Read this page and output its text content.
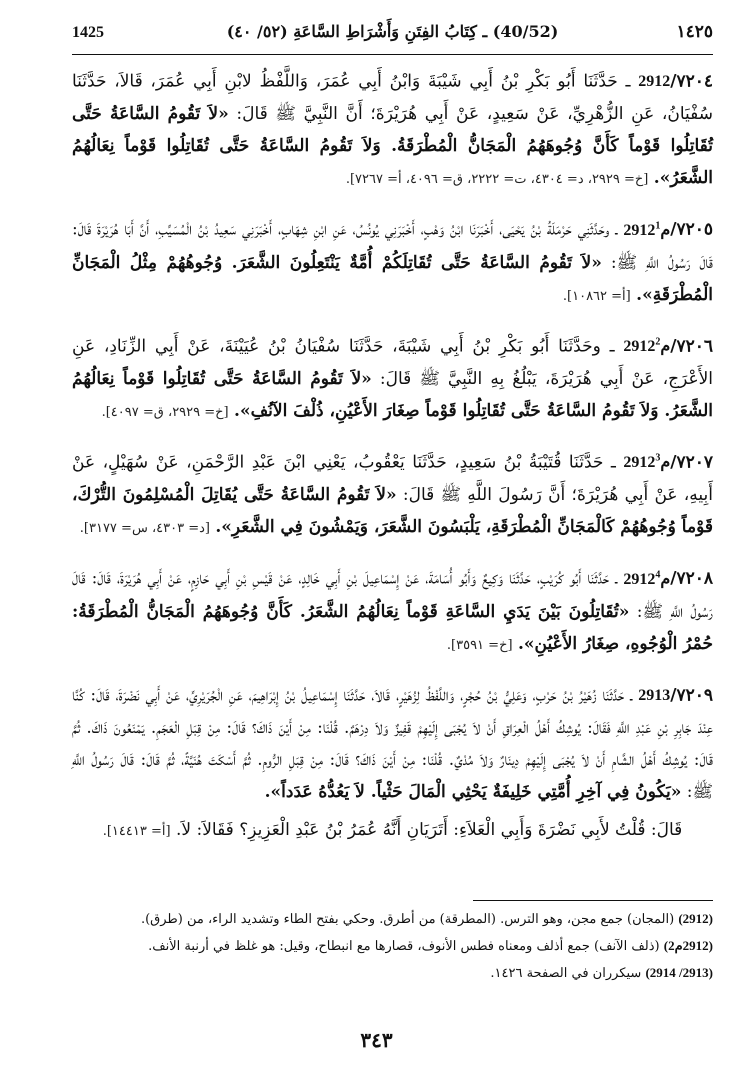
١٤٢٥
(40/52) ـ كِتَابُ الفِتَنِ وَأَشْرَاطِ السَّاعَةِ (٥٢/ ٤٠)
1425

٧٢٠٤/2912 ـ حَدَّثَنَا أَبُو بَكْرِ بْنُ أَبِي شَيْبَةَ وَابْنُ أَبِي عُمَرَ، وَاللَّفْظُ لابْنِ أَبِي عُمَرَ، قَالاَ، حَدَّثَنَا سُفْيَانُ، عَنِ الزُّهْرِيِّ، عَنْ سَعِيدٍ، عَنْ أَبِي هُرَيْرَةَ؛ أَنَّ النَّبِيَّ ﷺ قَالَ: «لاَ تَقُومُ السَّاعَةُ حَتَّى تُقَاتِلُوا قَوْماً كَأَنَّ وُجُوهَهُمُ الْمَجَانُّ الْمُطْرَقَةُ. وَلاَ تَقُومُ السَّاعَةُ حَتَّى تُقَاتِلُوا قَوْماً نِعَالُهُمُ الشَّعَرُ». [خ= ٢٩٢٩، د= ٤٣٠٤، ت= ٢٢٢٢، ق= ٤٠٩٦، أ= ٧٢٦٧].

٧٢٠٥/2912م$^1$ ـ وحَدَّثَنِي حَرْمَلَةُ بْنُ يَحْيَى، أَخْبَرَنَا ابْنُ وَهْبٍ، أَخْبَرَنِي يُونُسُ، عَنِ ابْنِ شِهَابٍ، أَخْبَرَنِي سَعِيدُ بْنُ الْمُسَيِّبِ، أَنَّ أَبَا هُرَيْرَةَ قَالَ: قَالَ رَسُولُ اللَّهِ ﷺ: «لاَ تَقُومُ السَّاعَةُ حَتَّى تُقَاتِلَكُمْ أُمَّةٌ يَنْتَعِلُونَ الشَّعَرَ. وُجُوهُهُمْ مِثْلُ الْمَجَانِّ الْمُطْرَقَةِ». [أ= ١٠٨٦٢].

٧٢٠٦/2912م$^2$ ـ وحَدَّثَنَا أَبُو بَكْرِ بْنُ أَبِي شَيْبَةَ، حَدَّثَنَا سُفْيَانُ بْنُ عُيَيْنَةَ، عَنْ أَبِي الزِّنَادِ، عَنِ الأَعْرَجِ، عَنْ أَبِي هُرَيْرَةَ، يَبْلُغُ بِهِ النَّبِيَّ ﷺ قَالَ: «لاَ تَقُومُ السَّاعَةُ حَتَّى تُقَاتِلُوا قَوْماً نِعَالُهُمُ الشَّعَرُ. وَلاَ تَقُومُ السَّاعَةُ حَتَّى تُقَاتِلُوا قَوْماً صِغَارَ الأَعْيُنِ، ذُلْفَ الآنُفِ». [خ= ٢٩٢٩، ق= ٤٠٩٧].

٧٢٠٧/2912م$^3$ ـ حَدَّثَنَا قُتَيْبَةُ بْنُ سَعِيدٍ، حَدَّثَنَا يَعْقُوبُ، يَعْنِي ابْنَ عَبْدِ الرَّحْمَنِ، عَنْ سُهَيْلٍ، عَنْ أَبِيهِ، عَنْ أَبِي هُرَيْرَةَ؛ أَنَّ رَسُولَ اللَّهِ ﷺ قَالَ: «لاَ تَقُومُ السَّاعَةُ حَتَّى يُقَاتِلَ الْمُسْلِمُونَ التُّرْكَ، قَوْماً وُجُوهُهُمْ كَالْمَجَانِّ الْمُطْرَقَةِ، يَلْبَسُونَ الشَّعَرَ، وَيَمْشُونَ فِي الشَّعَرِ». [د= ٤٣٠٣، س= ٣١٧٧].

٧٢٠٨/2912م$^4$ ـ حَدَّثَنَا أَبُو كُرَيْبٍ، حَدَّثَنَا وَكِيعٌ وَأَبُو أُسَامَةَ، عَنْ إِسْمَاعِيلَ بْنِ أَبِي خَالِدٍ، عَنْ قَيْسِ بْنِ أَبِي حَازِمٍ، عَنْ أَبِي هُرَيْرَةَ، قَالَ: قَالَ رَسُولُ اللَّهِ ﷺ: «تُقَاتِلُونَ بَيْنَ يَدَيِ السَّاعَةِ قَوْماً نِعَالُهُمُ الشَّعَرُ. كَأَنَّ وُجُوهَهُمُ الْمَجَانُّ الْمُطْرَقَةُ: حُمْرُ الْوُجُوهِ، صِغَارُ الأَعْيُنِ». [خ= ٣٥٩١].

٧٢٠٩/2913 ـ حَدَّثَنَا زُهَيْرُ بْنُ حَرْبٍ، وَعَلِيُّ بْنُ حُجْرٍ، وَاللَّفْظُ لِزُهَيْرٍ، قَالاَ، حَدَّثَنَا إِسْمَاعِيلُ بْنُ إِبْرَاهِيمَ، عَنِ الْجُرَيْرِيِّ، عَنْ أَبِي نَضْرَةَ، قَالَ: كُنَّا عِنْدَ جَابِرِ بْنِ عَبْدِ اللَّهِ فَقَالَ: يُوشِكُ أَهْلُ الْعِرَاقِ أَنْ لاَ يُجْبَى إِلَيْهِمْ قَفِيزٌ وَلاَ دِرْهَمٌ. قُلْنَا: مِنْ أَيْنَ ذَاكَ؟ قَالَ: مِنْ قِبَلِ الْعَجَمِ. يَمْنَعُونَ ذَاكَ. ثُمَّ قَالَ: يُوشِكُ أَهْلُ الشَّامِ أَنْ لاَ يُجْبَى إِلَيْهِمْ دِينَارٌ وَلاَ مُدْيٌ. قُلْنَا: مِنْ أَيْنَ ذَاكَ؟ قَالَ: مِنْ قِبَلِ الرُّومِ. ثُمَّ أَسْكَتَ هُنَيَّةً، ثُمَّ قَالَ: قَالَ رَسُولُ اللَّهِ ﷺ: «يَكُونُ فِي آخِرِ أُمَّتِي خَلِيفَةٌ يَحْثِي الْمَالَ حَثْياً. لاَ يَعُدُّهُ عَدَداً».

قَالَ: قُلْتُ لأَبِي نَضْرَةَ وَأَبِي الْعَلاَءِ: أَتَرَيَانِ أَنَّهُ عُمَرُ بْنُ عَبْدِ الْعَزِيزِ؟ فَقَالاَ: لاَ. [أ= ١٤٤١٣].

(2912) (المجان) جمع مجن، وهو الترس. (المطرقة) من أطرق. وحكي بفتح الطاء وتشديد الراء، من (طرق).

(2912م2) (ذلف الآنف) جمع أذلف ومعناه فطس الأنوف، قصارها مع انبطاح، وقيل: هو غلظ في أرنبة الأنف.

(2913/ 2914) سيكرران في الصفحة ١٤٢٦.

٣٤٣
